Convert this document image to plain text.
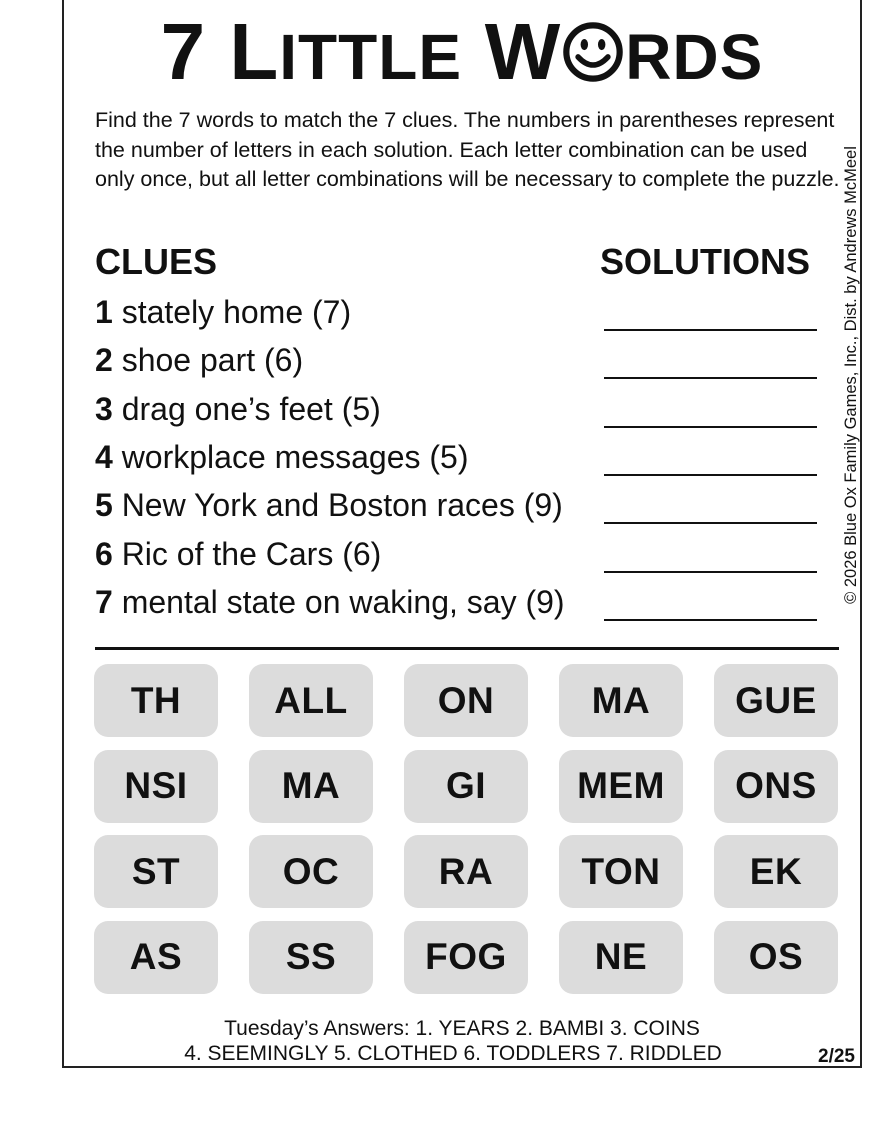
7 LITTLE W RDS
Find the 7 words to match the 7 clues. The numbers in parentheses represent the number of letters in each solution. Each letter combination can be used only once, but all letter combinations will be necessary to complete the puzzle. © 2026 Blue Ox Family Games, Inc., Dist. by Andrews McMeel
CLUES	SOLUTIONS
1 stately home (7)
2 shoe part (6)
3 drag one’s feet (5)
4 workplace messages (5)
5 New York and Boston races (9)
6 Ric of the Cars (6)
7 mental state on waking, say (9)
TH	ALL	ON	MA	GUE
NSI	MA	GI	MEM	ONS
ST	OC	RA	TON	EK
AS	SS	FOG	NE	OS
Tuesday’s Answers: 1. YEARS 2. BAMBI 3. COINS
4. SEEMINGLY 5. CLOTHED 6. TODDLERS 7. RIDDLED	2/25
